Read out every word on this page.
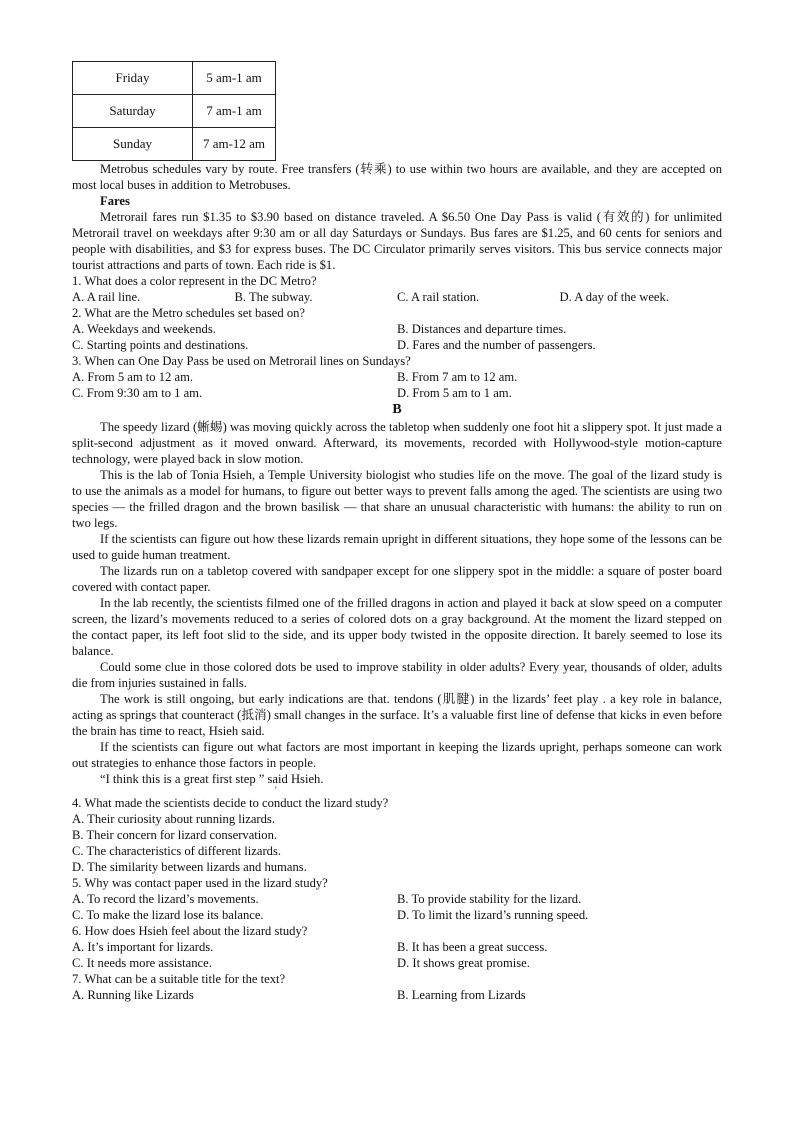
Friday	5 am-1 am
Saturday	7 am-1 am
Sunday	7 am-12 am

Metrobus schedules vary by route. Free transfers (转乘) to use within two hours are available, and they are accepted on most local buses in addition to Metrobuses.

Fares

Metrorail fares run $1.35 to $3.90 based on distance traveled. A $6.50 One Day Pass is valid (有效的) for unlimited Metrorail travel on weekdays after 9:30 am or all day Saturdays or Sundays. Bus fares are $1.25, and 60 cents for seniors and people with disabilities, and $3 for express buses. The DC Circulator primarily serves visitors. This bus service connects major tourist attractions and parts of town. Each ride is $1.

1. What does a color represent in the DC Metro?

A. A rail line.	B. The subway.	C. A rail station.	D. A day of the week.

2. What are the Metro schedules set based on?

A. Weekdays and weekends.	B. Distances and departure times.
C. Starting points and destinations.	D. Fares and the number of passengers.

3. When can One Day Pass be used on Metrorail lines on Sundays?

A. From 5 am to 12 am.	B. From 7 am to 12 am.
C. From 9:30 am to 1 am.	D. From 5 am to 1 am.

B

The speedy lizard (蜥蜴) was moving quickly across the tabletop when suddenly one foot hit a slippery spot. It just made a split-second adjustment as it moved onward. Afterward, its movements, recorded with Hollywood-style motion-capture technology, were played back in slow motion.

This is the lab of Tonia Hsieh, a Temple University biologist who studies life on the move. The goal of the lizard study is to use the animals as a model for humans, to figure out better ways to prevent falls among the aged. The scientists are using two species — the frilled dragon and the brown basilisk — that share an unusual characteristic with humans: the ability to run on two legs.

If the scientists can figure out how these lizards remain upright in different situations, they hope some of the lessons can be used to guide human treatment.

The lizards run on a tabletop covered with sandpaper except for one slippery spot in the middle: a square of poster board covered with contact paper.

In the lab recently, the scientists filmed one of the frilled dragons in action and played it back at slow speed on a computer screen, the lizard’s movements reduced to a series of colored dots on a gray background. At the moment the lizard stepped on the contact paper, its left foot slid to the side, and its upper body twisted in the opposite direction. It barely seemed to lose its balance.

Could some clue in those colored dots be used to improve stability in older adults? Every year, thousands of older, adults die from injuries sustained in falls.

The work is still ongoing, but early indications are that. tendons (肌腱) in the lizards’ feet play . a key role in balance, acting as springs that counteract (抵消) small changes in the surface. It’s a valuable first line of defense that kicks in even before the brain has time to react, Hsieh said.

If the scientists can figure out what factors are most important in keeping the lizards upright, perhaps someone can work out strategies to enhance those factors in people.

“I think this is a great first step ” said Hsieh.

'

4. What made the scientists decide to conduct the lizard study?

A. Their curiosity about running lizards.

B. Their concern for lizard conservation.

C. The characteristics of different lizards.

D. The similarity between lizards and humans.

5. Why was contact paper used in the lizard study?

A. To record the lizard’s movements.	B. To provide stability for the lizard.
C. To make the lizard lose its balance.	D. To limit the lizard’s running speed.

6. How does Hsieh feel about the lizard study?

A. It’s important for lizards.	B. It has been a great success.
C. It needs more assistance.	D. It shows great promise.

7. What can be a suitable title for the text?

A. Running like Lizards	B. Learning from Lizards
